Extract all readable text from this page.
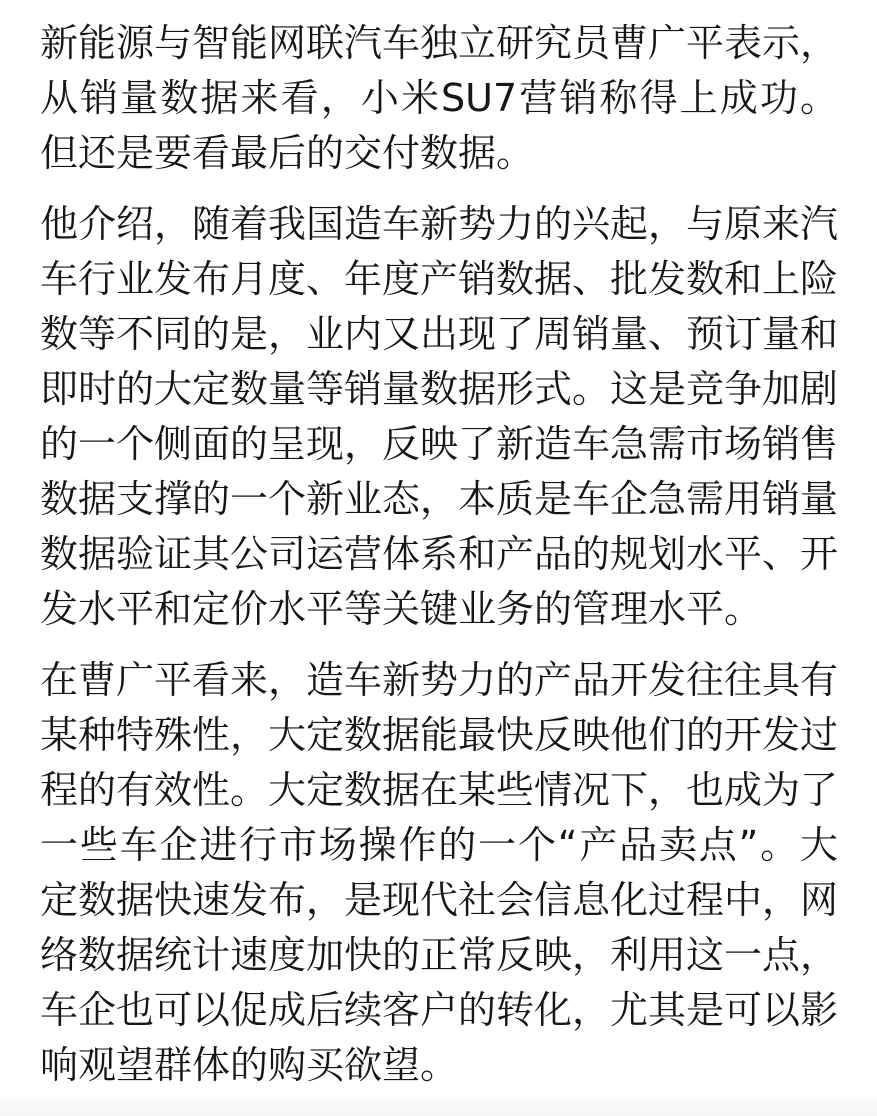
新能源与智能网联汽车独立研究员曹广平表示，从销量数据来看，小米SU7营销称得上成功。但还是要看最后的交付数据。

他介绍，随着我国造车新势力的兴起，与原来汽车行业发布月度、年度产销数据、批发数和上险数等不同的是，业内又出现了周销量、预订量和即时的大定数量等销量数据形式。这是竞争加剧的一个侧面的呈现，反映了新造车急需市场销售数据支撑的一个新业态，本质是车企急需用销量数据验证其公司运营体系和产品的规划水平、开发水平和定价水平等关键业务的管理水平。

在曹广平看来，造车新势力的产品开发往往具有某种特殊性，大定数据能最快反映他们的开发过程的有效性。大定数据在某些情况下，也成为了一些车企进行市场操作的一个“产品卖点”。大定数据快速发布，是现代社会信息化过程中，网络数据统计速度加快的正常反映，利用这一点，车企也可以促成后续客户的转化，尤其是可以影响观望群体的购买欲望。
